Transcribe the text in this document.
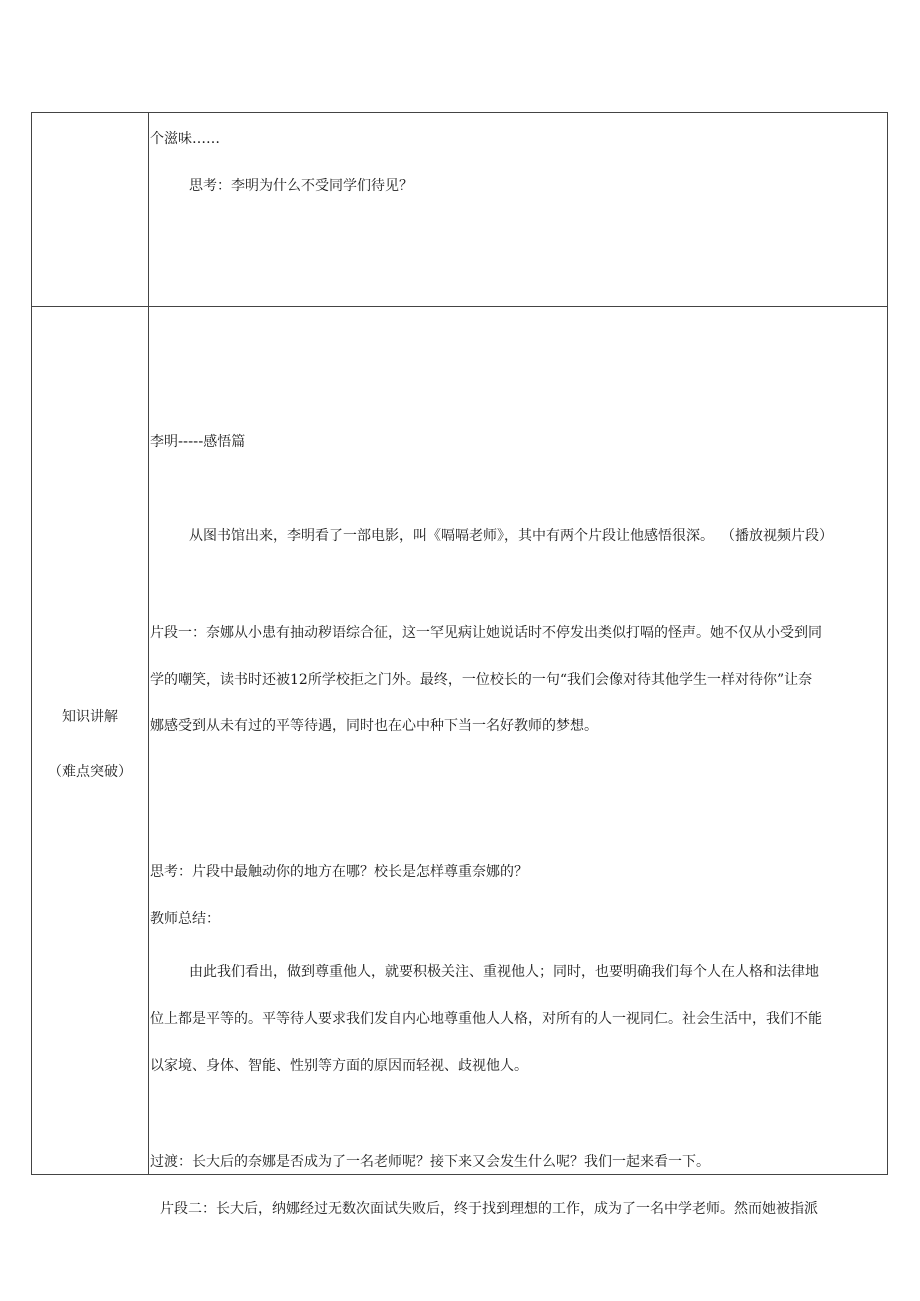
个滋味……

思考：李明为什么不受同学们待见？

知识讲解

（难点突破）

李明-----感悟篇

从图书馆出来，李明看了一部电影，叫《嗝嗝老师》，其中有两个片段让他感悟很深。 （播放视频片段）

片段一：奈娜从小患有抽动秽语综合征，这一罕见病让她说话时不停发出类似打嗝的怪声。她不仅从小受到同

学的嘲笑，读书时还被12所学校拒之门外。最终，一位校长的一句“我们会像对待其他学生一样对待你”让奈

娜感受到从未有过的平等待遇，同时也在心中种下当一名好教师的梦想。

思考：片段中最触动你的地方在哪？校长是怎样尊重奈娜的？

教师总结：

由此我们看出，做到尊重他人，就要积极关注、重视他人；同时，也要明确我们每个人在人格和法律地

位上都是平等的。平等待人要求我们发自内心地尊重他人人格，对所有的人一视同仁。社会生活中，我们不能

以家境、身体、智能、性别等方面的原因而轻视、歧视他人。

过渡：长大后的奈娜是否成为了一名老师呢？接下来又会发生什么呢？我们一起来看一下。

片段二：长大后，纳娜经过无数次面试失败后，终于找到理想的工作，成为了一名中学老师。然而她被指派
